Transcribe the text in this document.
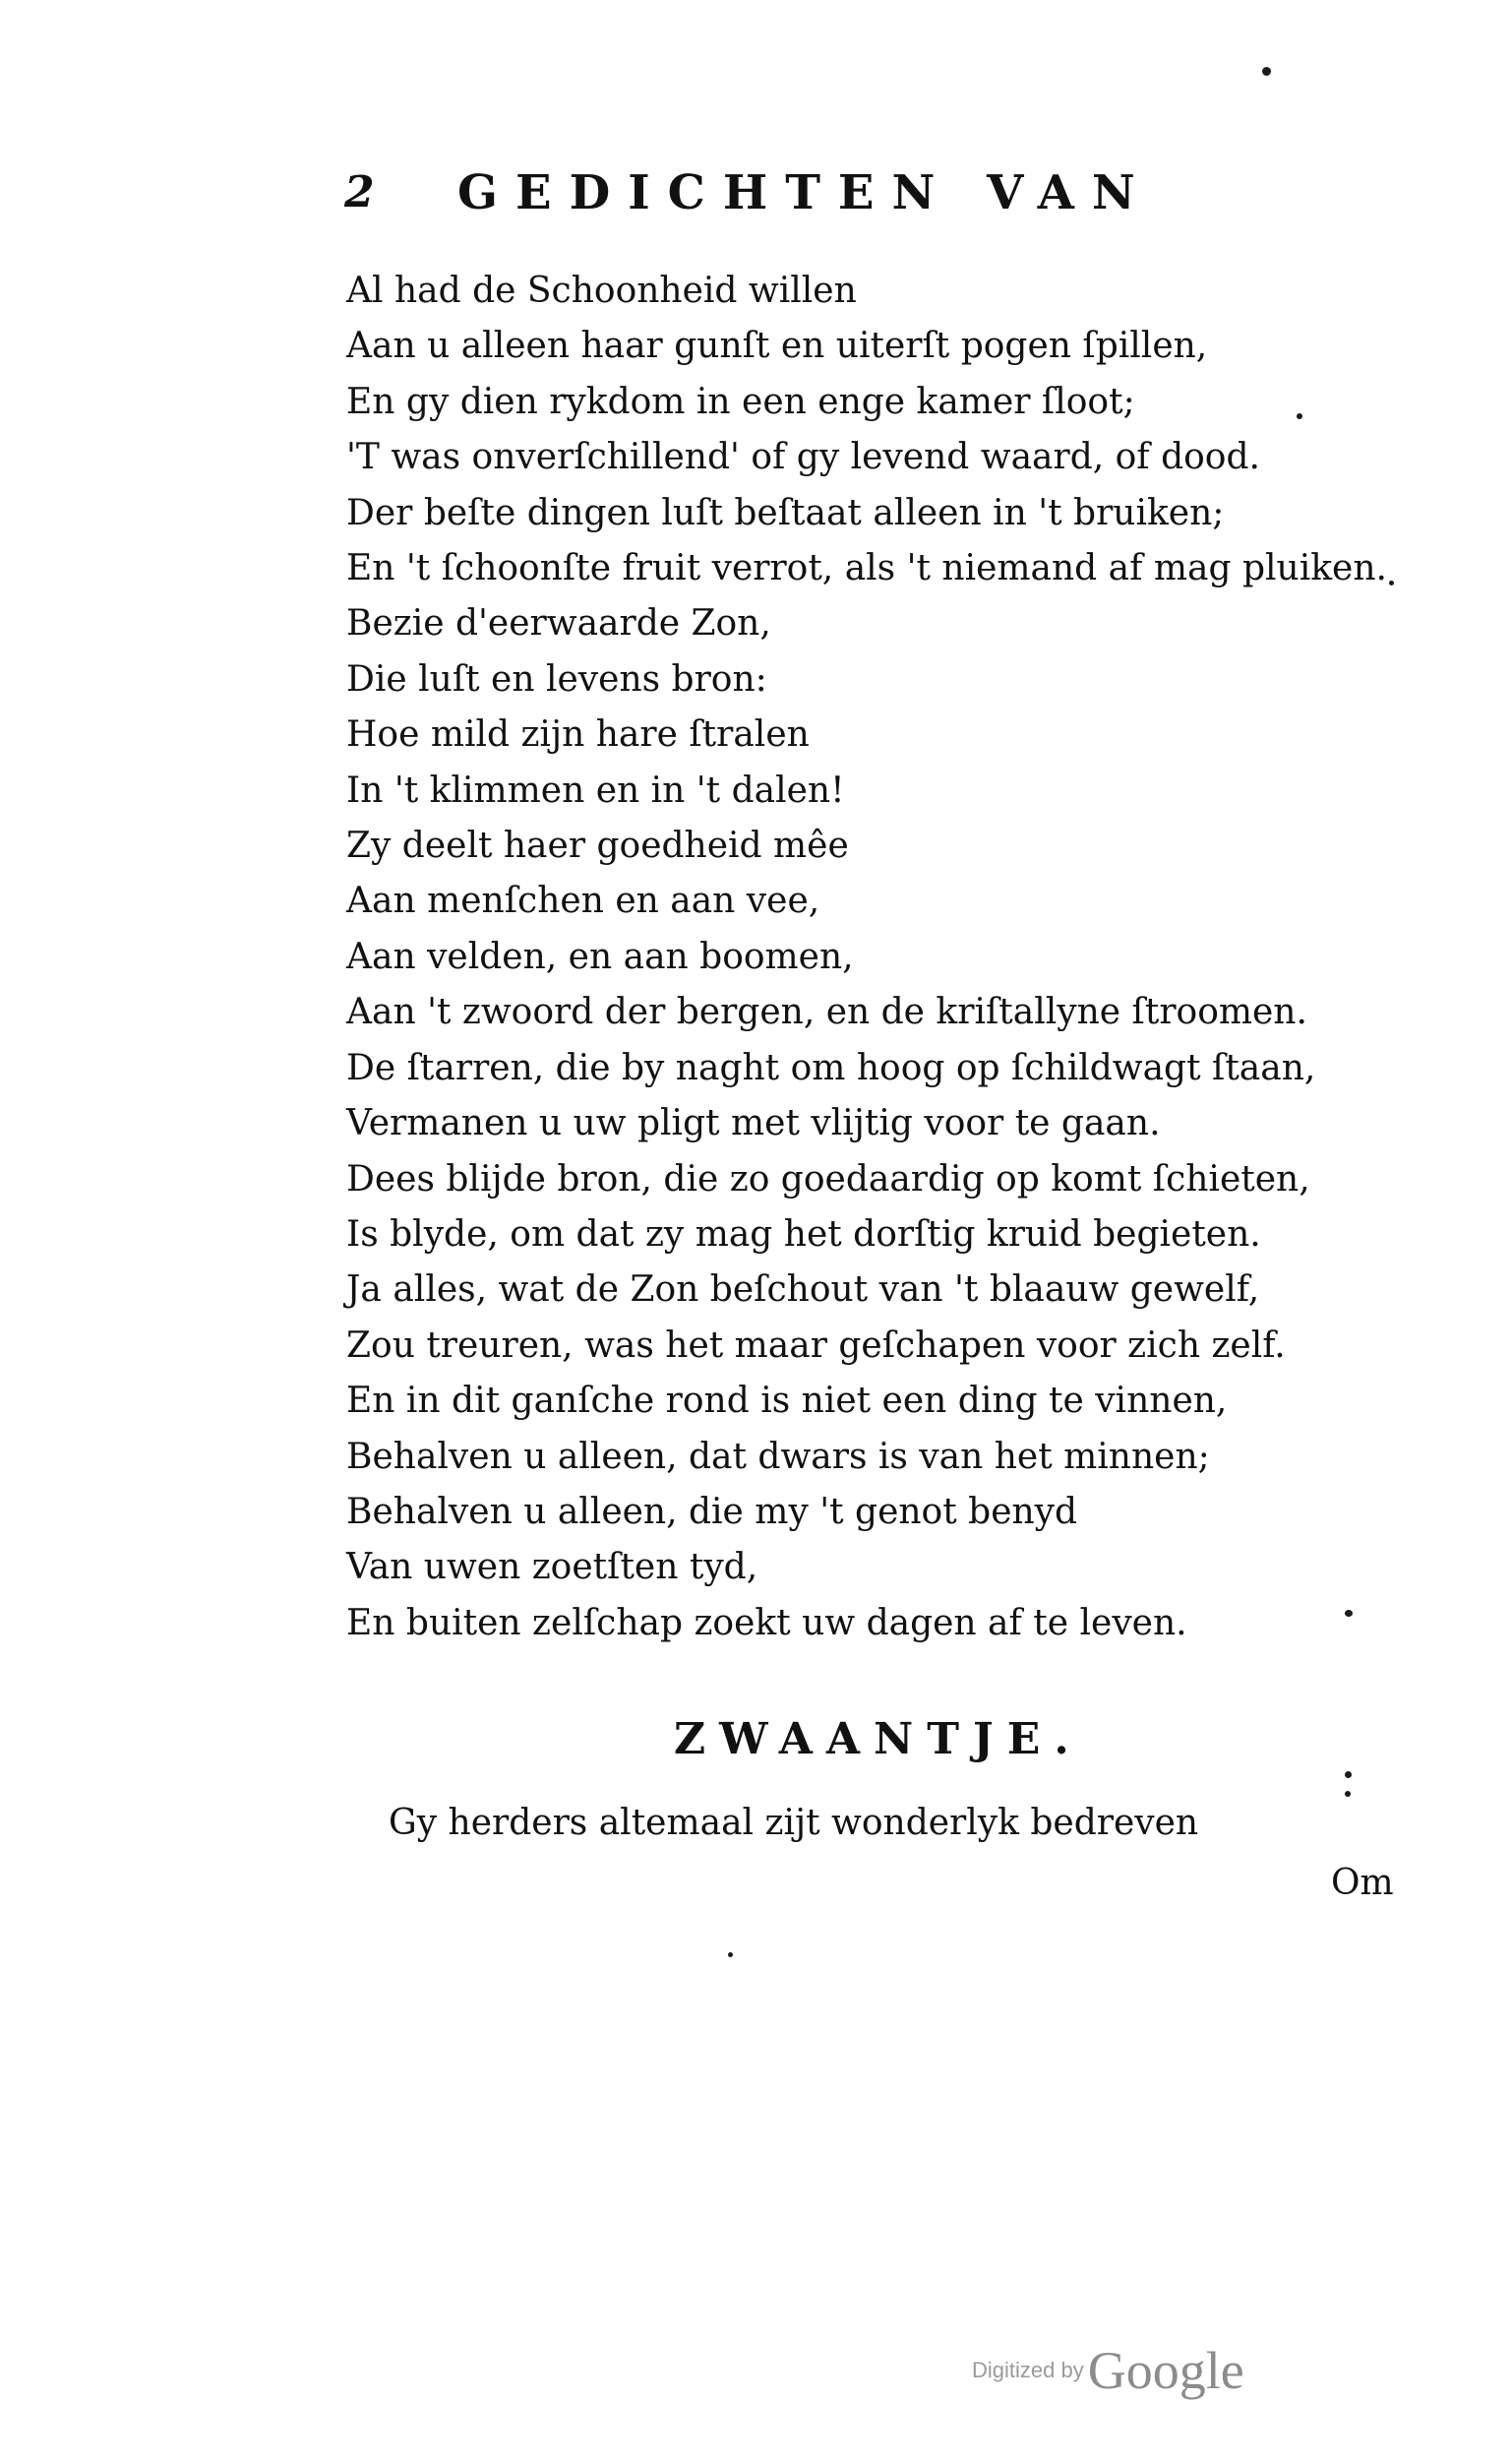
2 GEDICHTEN VAN
Al had de Schoonheid willen
Aan u alleen haar gunſt en uiterſt pogen ſpillen,
En gy dien rykdom in een enge kamer ſloot;
'T was onverſchillend' of gy levend waard, of dood.
Der beſte dingen luſt beſtaat alleen in 't bruiken;
En 't ſchoonſte fruit verrot, als 't niemand af mag pluiken.
Bezie d'eerwaarde Zon,
Die luſt en levens bron:
Hoe mild zijn hare ſtralen
In 't klimmen en in 't dalen!
Zy deelt haer goedheid mêe
Aan menſchen en aan vee,
Aan velden, en aan boomen,
Aan 't zwoord der bergen, en de kriſtallyne ſtroomen.
De ſtarren, die by naght om hoog op ſchildwagt ſtaan,
Vermanen u uw pligt met vlijtig voor te gaan.
Dees blijde bron, die zo goedaardig op komt ſchieten,
Is blyde, om dat zy mag het dorſtig kruid begieten.
Ja alles, wat de Zon beſchout van 't blaauw gewelf,
Zou treuren, was het maar geſchapen voor zich zelf.
En in dit ganſche rond is niet een ding te vinnen,
Behalven u alleen, dat dwars is van het minnen;
Behalven u alleen, die my 't genot benyd
Van uwen zoetſten tyd,
En buiten zelſchap zoekt uw dagen af te leven.
ZWAANTJE.
Gy herders altemaal zijt wonderlyk bedreven
Om
Digitized byGoogle
